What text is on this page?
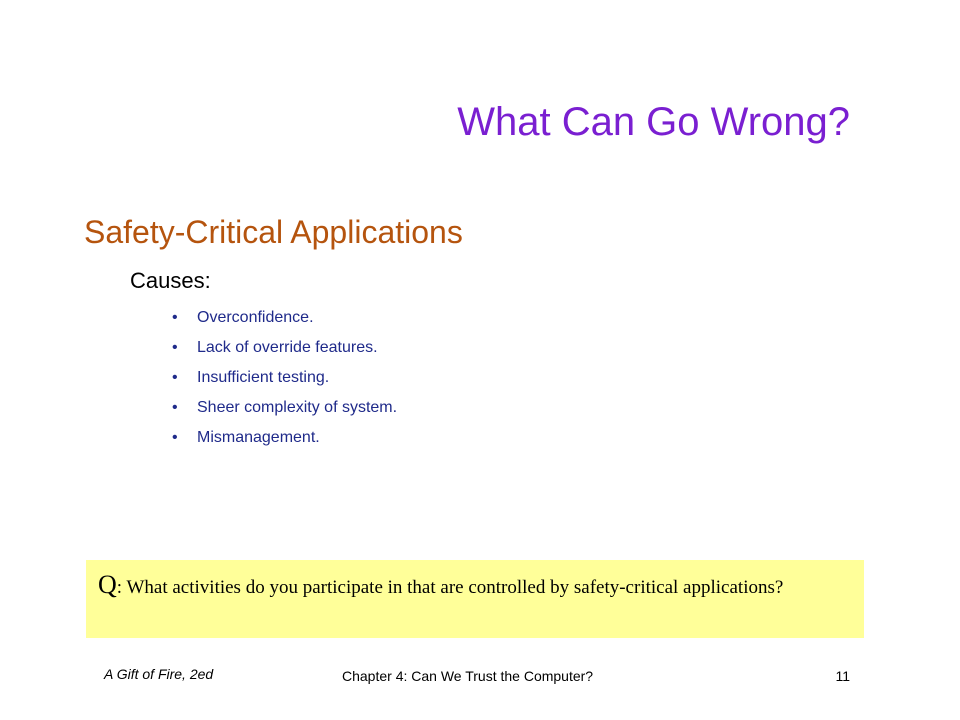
What Can Go Wrong?
Safety-Critical Applications
Causes:
•	Overconfidence.
•	Lack of override features.
•	Insufficient testing.
•	Sheer complexity of system.
•	Mismanagement.
Q: What activities do you participate in that are controlled by safety-critical applications?
A Gift of Fire, 2ed	Chapter 4: Can We Trust the Computer?	11
